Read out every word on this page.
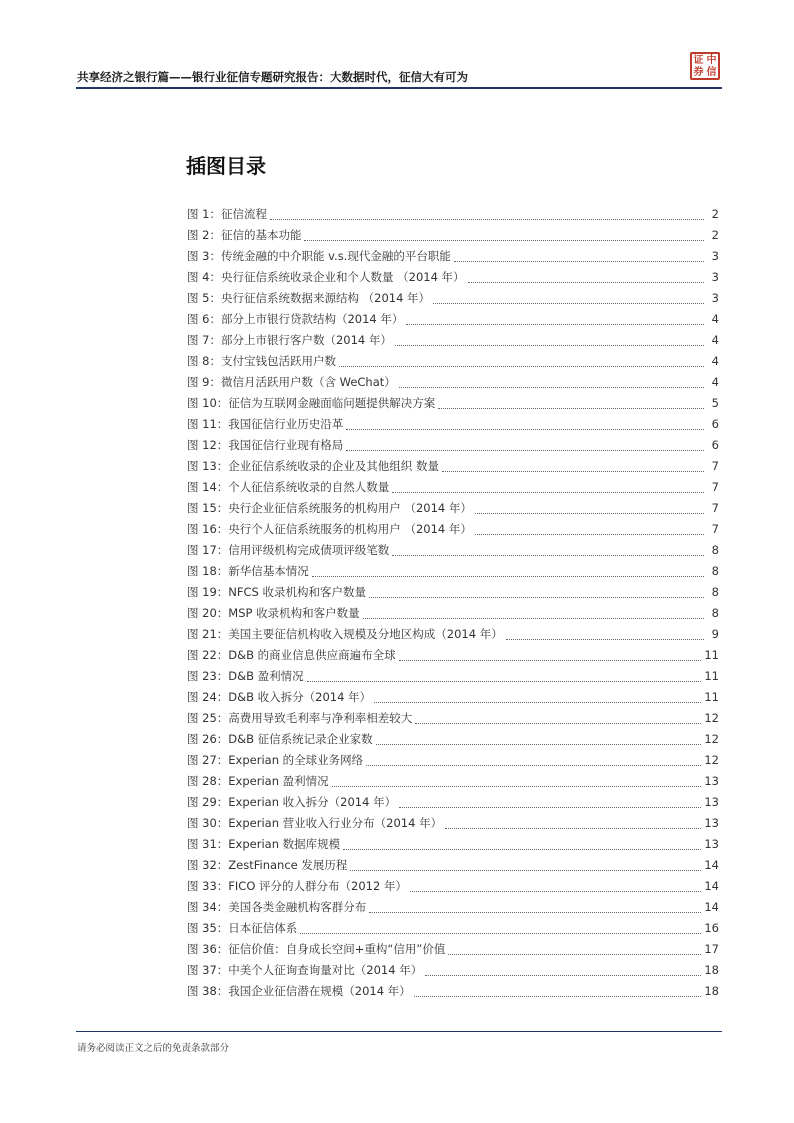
共享经济之银行篇——银行业征信专题研究报告：大数据时代，征信大有可为
证 中
券 信
插图目录
图 1：征信流程	2
图 2：征信的基本功能	2
图 3：传统金融的中介职能 v.s.现代金融的平台职能	3
图 4：央行征信系统收录企业和个人数量 （2014 年）	3
图 5：央行征信系统数据来源结构 （2014 年）	3
图 6：部分上市银行贷款结构（2014 年）	4
图 7：部分上市银行客户数（2014 年）	4
图 8：支付宝钱包活跃用户数	4
图 9：微信月活跃用户数（含 WeChat）	4
图 10：征信为互联网金融面临问题提供解决方案	5
图 11：我国征信行业历史沿革	6
图 12：我国征信行业现有格局	6
图 13：企业征信系统收录的企业及其他组织 数量	7
图 14：个人征信系统收录的自然人数量	7
图 15：央行企业征信系统服务的机构用户 （2014 年）	7
图 16：央行个人征信系统服务的机构用户 （2014 年）	7
图 17：信用评级机构完成债项评级笔数	8
图 18：新华信基本情况	8
图 19：NFCS 收录机构和客户数量	8
图 20：MSP 收录机构和客户数量	8
图 21：美国主要征信机构收入规模及分地区构成（2014 年）	9
图 22：D&B 的商业信息供应商遍布全球	11
图 23：D&B 盈利情况	11
图 24：D&B 收入拆分（2014 年）	11
图 25：高费用导致毛利率与净利率相差较大	12
图 26：D&B 征信系统记录企业家数	12
图 27：Experian 的全球业务网络	12
图 28：Experian 盈利情况	13
图 29：Experian 收入拆分（2014 年）	13
图 30：Experian 营业收入行业分布（2014 年）	13
图 31：Experian 数据库规模	13
图 32：ZestFinance 发展历程	14
图 33：FICO 评分的人群分布（2012 年）	14
图 34：美国各类金融机构客群分布	14
图 35：日本征信体系	16
图 36：征信价值：自身成长空间+重构“信用”价值	17
图 37：中美个人征询查询量对比（2014 年）	18
图 38：我国企业征信潜在规模（2014 年）	18
请务必阅读正文之后的免责条款部分
